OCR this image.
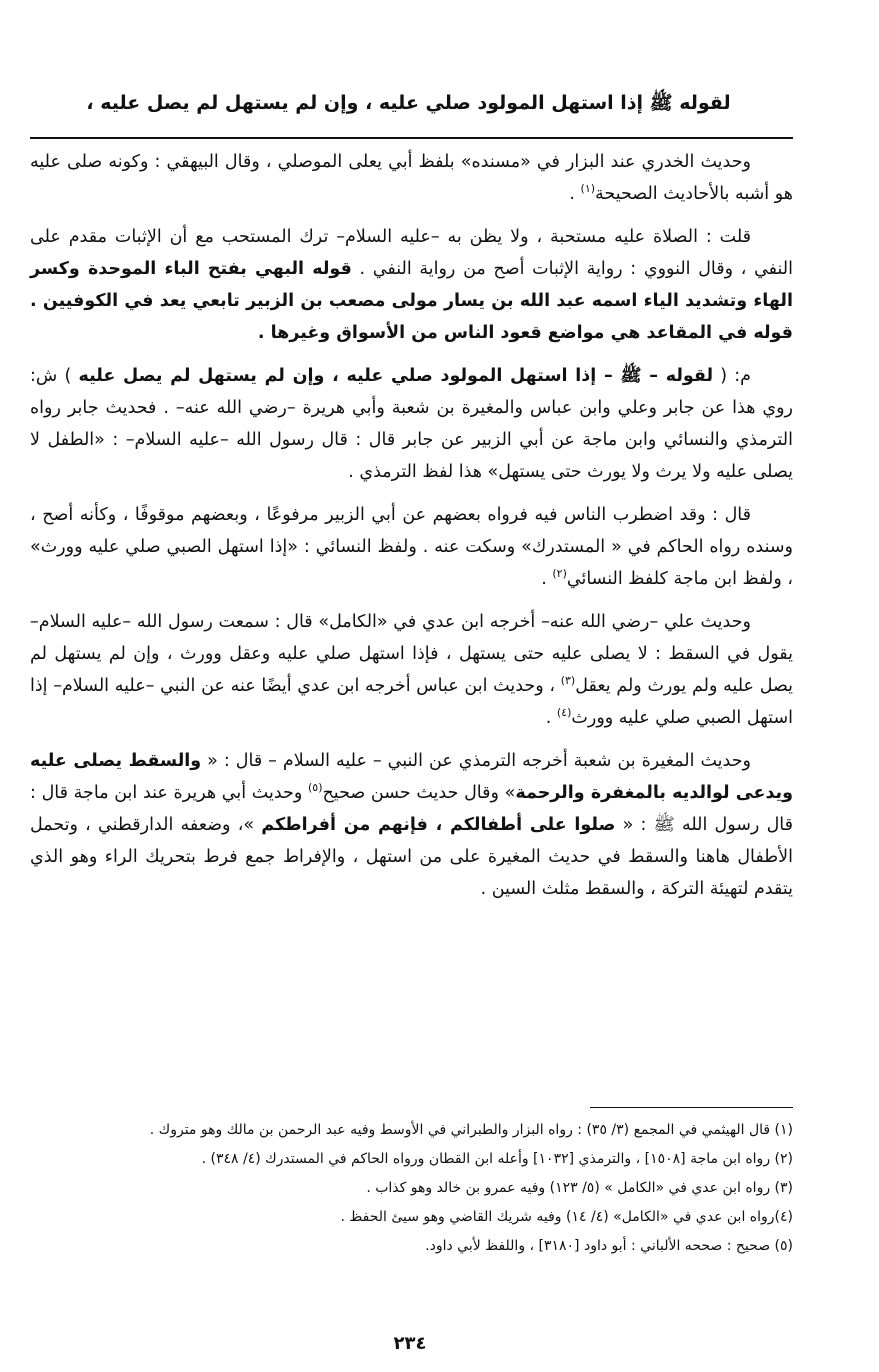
لقوله ﷺ إذا استهل المولود صلي عليه ، وإن لم يستهل لم يصل عليه ،

وحديث الخدري عند البزار في «مسنده» بلفظ أبي يعلى الموصلي ، وقال البيهقي : وكونه صلى عليه هو أشبه بالأحاديث الصحيحة$^{(١)}$ .

قلت : الصلاة عليه مستحبة ، ولا يظن به –عليه السلام– ترك المستحب مع أن الإثبات مقدم على النفي ، وقال النووي : رواية الإثبات أصح من رواية النفي . قوله البهي بفتح الباء الموحدة وكسر الهاء وتشديد الياء اسمه عبد الله بن يسار مولى مصعب بن الزبير تابعي يعد في الكوفيين . قوله في المقاعد هي مواضع قعود الناس من الأسواق وغيرها .

م: ( لقوله – ﷺ – إذا استهل المولود صلي عليه ، وإن لم يستهل لم يصل عليه ) ش: روي هذا عن جابر وعلي وابن عباس والمغيرة بن شعبة وأبي هريرة –رضي الله عنه– . فحديث جابر رواه الترمذي والنسائي وابن ماجة عن أبي الزبير عن جابر قال : قال رسول الله –عليه السلام– : «الطفل لا يصلى عليه ولا يرث ولا يورث حتى يستهل» هذا لفظ الترمذي .

قال : وقد اضطرب الناس فيه فرواه بعضهم عن أبي الزبير مرفوعًا ، وبعضهم موقوفًا ، وكأنه أصح ، وسنده رواه الحاكم في « المستدرك» وسكت عنه . ولفظ النسائي : «إذا استهل الصبي صلي عليه وورث» ، ولفظ ابن ماجة كلفظ النسائي$^{(٢)}$ .

وحديث علي –رضي الله عنه– أخرجه ابن عدي في «الكامل» قال : سمعت رسول الله –عليه السلام– يقول في السقط : لا يصلى عليه حتى يستهل ، فإذا استهل صلي عليه وعقل وورث ، وإن لم يستهل لم يصل عليه ولم يورث ولم يعقل$^{(٣)}$ ، وحديث ابن عباس أخرجه ابن عدي أيضًا عنه عن النبي –عليه السلام– إذا استهل الصبي صلي عليه وورث$^{(٤)}$ .

وحديث المغيرة بن شعبة أخرجه الترمذي عن النبي – عليه السلام – قال : « والسقط يصلى عليه ويدعى لوالديه بالمغفرة والرحمة» وقال حديث حسن صحيح$^{(٥)}$ وحديث أبي هريرة عند ابن ماجة قال : قال رسول الله ﷺ : « صلوا على أطفالكم ، فإنهم من أفراطكم »، وضعفه الدارقطني ، وتحمل الأطفال هاهنا والسقط في حديث المغيرة على من استهل ، والإفراط جمع فرط بتحريك الراء وهو الذي يتقدم لتهيئة التركة ، والسقط مثلث السين .

(١) قال الهيثمي في المجمع (٣/ ٣٥) : رواه البزار والطبراني في الأوسط وفيه عبد الرحمن بن مالك وهو متروك .

(٢) رواه ابن ماجة [١٥٠٨] ، والترمذي [١٠٣٢] وأعله ابن القطان ورواه الحاكم في المستدرك (٤/ ٣٤٨) .

(٣) رواه ابن عدي في «الكامل » (٥/ ١٢٣) وفيه عمرو بن خالد وهو كذاب .

(٤)رواه ابن عدي في «الكامل» (٤/ ١٤) وفيه شريك القاضي وهو سيئ الحفظ .

(٥) صحيح : صححه الألباني : أبو داود [٣١٨٠] ، واللفظ لأبي داود.

٢٣٤
